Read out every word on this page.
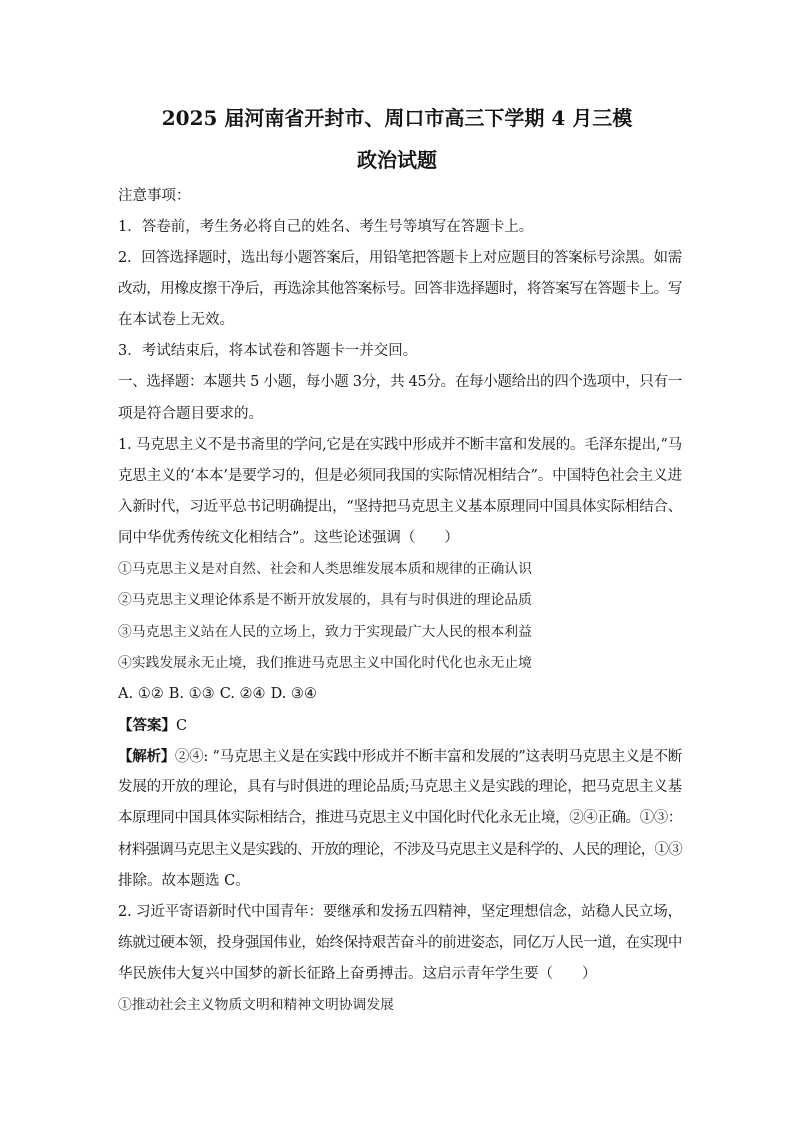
2025 届河南省开封市、周口市高三下学期 4 月三模
政治试题
注意事项：
1．答卷前，考生务必将自己的姓名、考生号等填写在答题卡上。
2．回答选择题时，选出每小题答案后，用铅笔把答题卡上对应题目的答案标号涂黑。如需
改动，用橡皮擦干净后，再选涂其他答案标号。回答非选择题时，将答案写在答题卡上。写
在本试卷上无效。
3．考试结束后，将本试卷和答题卡一并交回。
一、选择题：本题共 5 小题，每小题 3分，共 45分。在每小题给出的四个选项中，只有一
项是符合题目要求的。
1. 马克思主义不是书斋里的学问,它是在实践中形成并不断丰富和发展的。毛泽东提出,“马
克思主义的‘本本’是要学习的，但是必须同我国的实际情况相结合”。中国特色社会主义进
入新时代，习近平总书记明确提出，“坚持把马克思主义基本原理同中国具体实际相结合、
同中华优秀传统文化相结合”。这些论述强调（　　）
①马克思主义是对自然、社会和人类思维发展本质和规律的正确认识
②马克思主义理论体系是不断开放发展的，具有与时俱进的理论品质
③马克思主义站在人民的立场上，致力于实现最广大人民的根本利益
④实践发展永无止境，我们推进马克思主义中国化时代化也永无止境
A. ①② B. ①③ C. ②④ D. ③④
【答案】C
【解析】②④: “马克思主义是在实践中形成并不断丰富和发展的”这表明马克思主义是不断
发展的开放的理论，具有与时俱进的理论品质;马克思主义是实践的理论，把马克思主义基
本原理同中国具体实际相结合，推进马克思主义中国化时代化永无止境，②④正确。①③：
材料强调马克思主义是实践的、开放的理论，不涉及马克思主义是科学的、人民的理论，①③
排除。故本题选 C。
2. 习近平寄语新时代中国青年：要继承和发扬五四精神，坚定理想信念，站稳人民立场，
练就过硬本领，投身强国伟业，始终保持艰苦奋斗的前进姿态，同亿万人民一道，在实现中
华民族伟大复兴中国梦的新长征路上奋勇搏击。这启示青年学生要（　　）
①推动社会主义物质文明和精神文明协调发展
